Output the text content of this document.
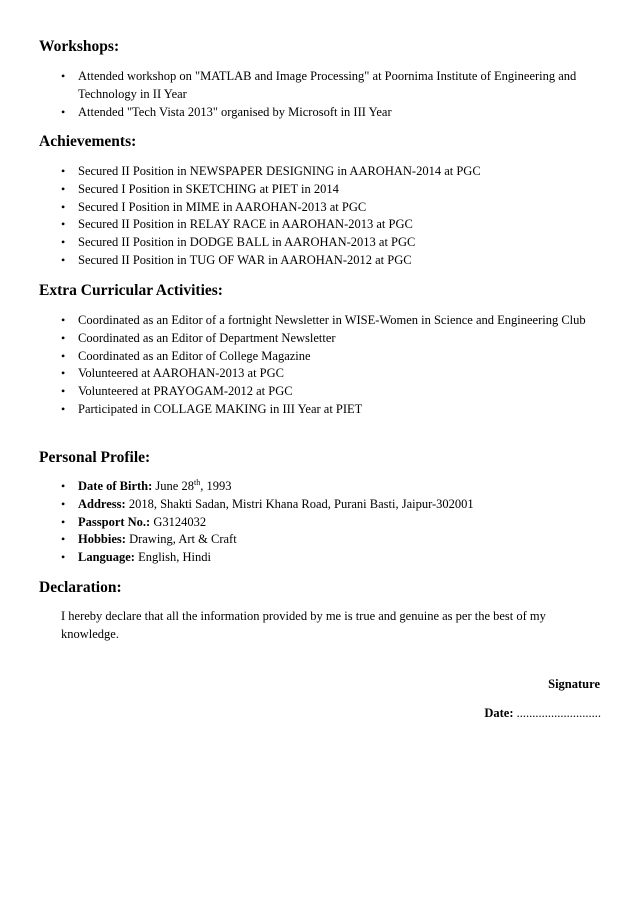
Workshops:
• Attended workshop on "MATLAB and Image Processing" at Poornima Institute of Engineering and Technology in II Year
• Attended "Tech Vista 2013" organised by Microsoft in III Year
Achievements:
• Secured II Position in NEWSPAPER DESIGNING in AAROHAN-2014 at PGC
• Secured I Position in SKETCHING at PIET in 2014
• Secured I Position in MIME in AAROHAN-2013 at PGC
• Secured II Position in RELAY RACE in AAROHAN-2013 at PGC
• Secured II Position in DODGE BALL in AAROHAN-2013 at PGC
• Secured II Position in TUG OF WAR in AAROHAN-2012 at PGC
Extra Curricular Activities:
• Coordinated as an Editor of a fortnight Newsletter in WISE-Women in Science and Engineering Club
• Coordinated as an Editor of Department Newsletter
• Coordinated as an Editor of College Magazine
• Volunteered at AAROHAN-2013 at PGC
• Volunteered at PRAYOGAM-2012 at PGC
• Participated in COLLAGE MAKING in III Year at PIET
Personal Profile:
• Date of Birth: June 28th, 1993
• Address: 2018, Shakti Sadan, Mistri Khana Road, Purani Basti, Jaipur-302001
• Passport No.: G3124032
• Hobbies: Drawing, Art & Craft
• Language: English, Hindi
Declaration:

I hereby declare that all the information provided by me is true and genuine as per the best of my knowledge.

Signature
Date: ...........................
